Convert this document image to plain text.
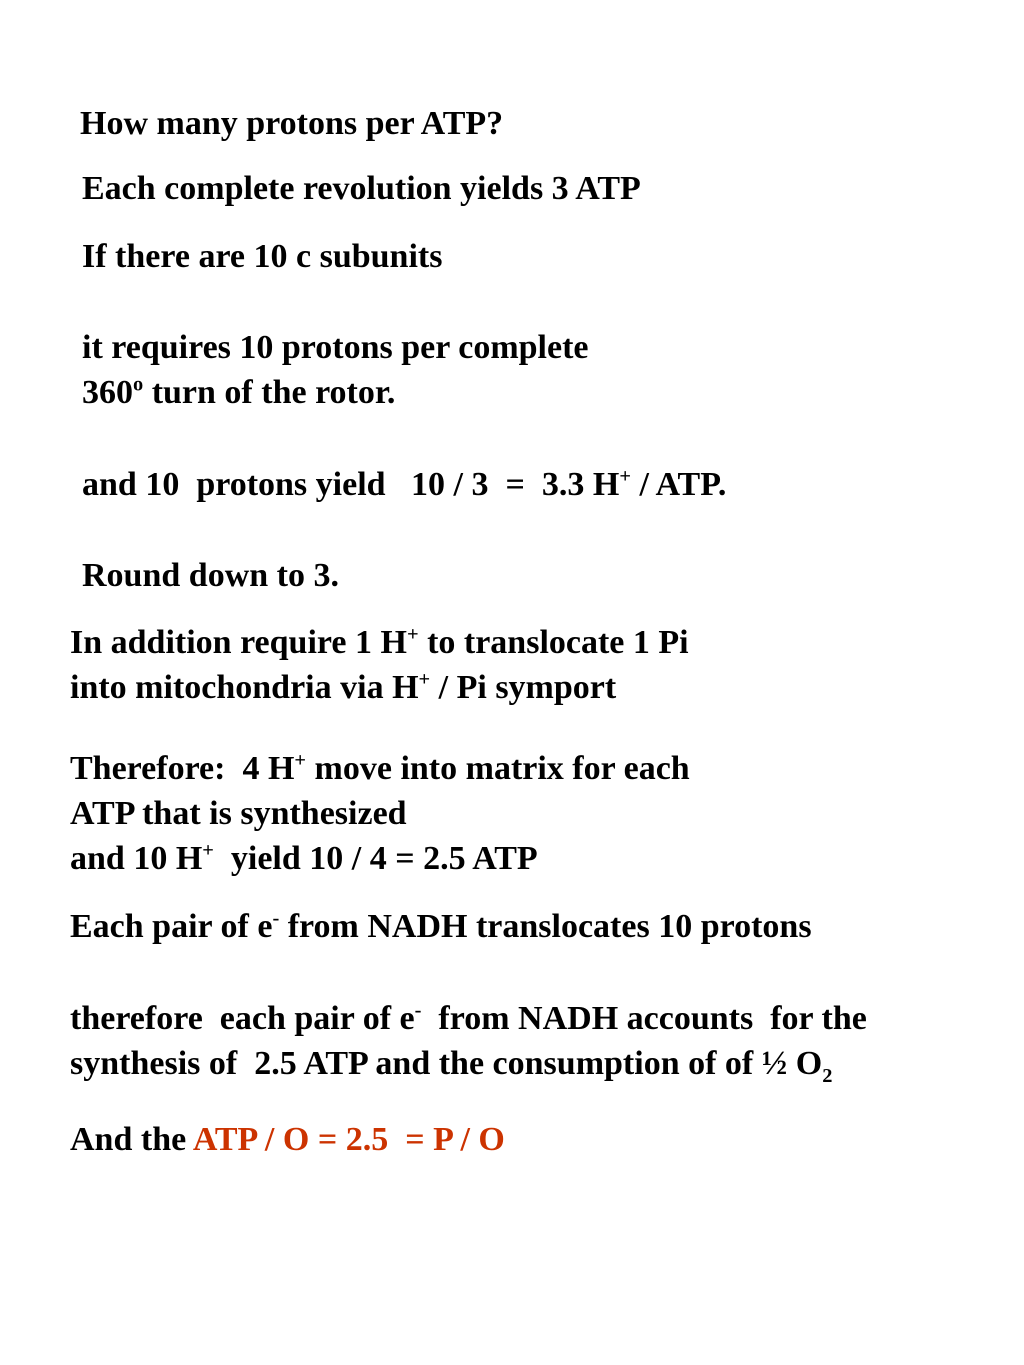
How many protons per ATP?
Each complete revolution yields 3 ATP
If there are 10 c subunits
it requires 10 protons per complete
360$^o$ turn of the rotor.
and 10  protons yield   10 / 3  =  3.3 H+ / ATP.
Round down to 3.
In addition require 1 H+ to translocate 1 Pi
into mitochondria via H+ / Pi symport
Therefore:  4 H+ move into matrix for each
ATP that is synthesized
and 10 H+  yield 10 / 4 = 2.5 ATP
Each pair of e- from NADH translocates 10 protons
therefore  each pair of e-  from NADH accounts  for the
synthesis of  2.5 ATP and the consumption of of ½ $O_2$
And the ATP / O = 2.5  = P / O
